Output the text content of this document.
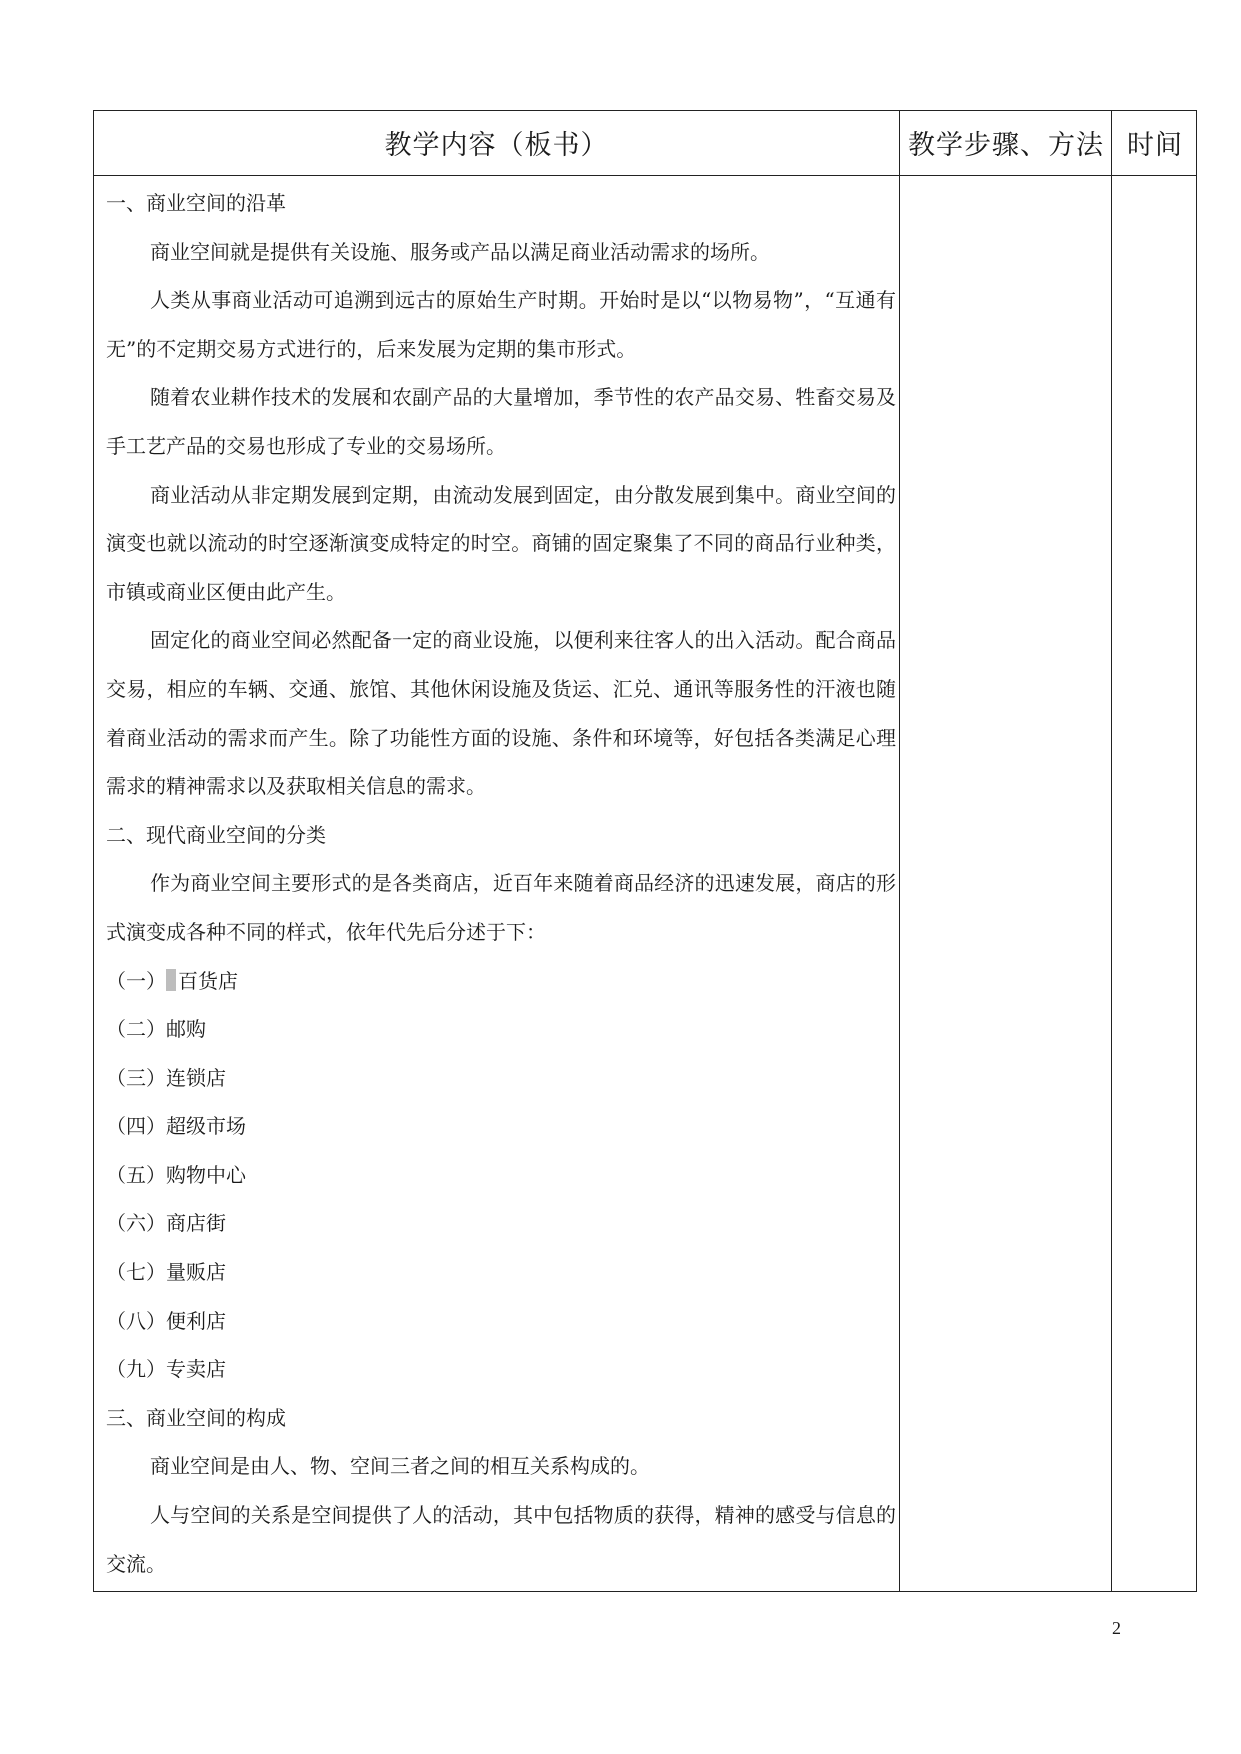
教学内容（板书）	教学步骤、方法 时间

一、商业空间的沿革

商业空间就是提供有关设施、服务或产品以满足商业活动需求的场所。

人类从事商业活动可追溯到远古的原始生产时期。开始时是以“以物易物”，“互通有无”的不定期交易方式进行的，后来发展为定期的集市形式。

随着农业耕作技术的发展和农副产品的大量增加，季节性的农产品交易、牲畜交易及手工艺产品的交易也形成了专业的交易场所。

商业活动从非定期发展到定期，由流动发展到固定，由分散发展到集中。商业空间的演变也就以流动的时空逐渐演变成特定的时空。商铺的固定聚集了不同的商品行业种类，市镇或商业区便由此产生。

固定化的商业空间必然配备一定的商业设施，以便利来往客人的出入活动。配合商品交易，相应的车辆、交通、旅馆、其他休闲设施及货运、汇兑、通讯等服务性的汗液也随着商业活动的需求而产生。除了功能性方面的设施、条件和环境等，好包括各类满足心理需求的精神需求以及获取相关信息的需求。

二、现代商业空间的分类

作为商业空间主要形式的是各类商店，近百年来随着商品经济的迅速发展，商店的形式演变成各种不同的样式，依年代先后分述于下：

（一） 百货店

（二）邮购

（三）连锁店

（四）超级市场

（五）购物中心

（六）商店街

（七）量贩店

（八）便利店

（九）专卖店

三、商业空间的构成

商业空间是由人、物、空间三者之间的相互关系构成的。

人与空间的关系是空间提供了人的活动，其中包括物质的获得，精神的感受与信息的交流。

2
